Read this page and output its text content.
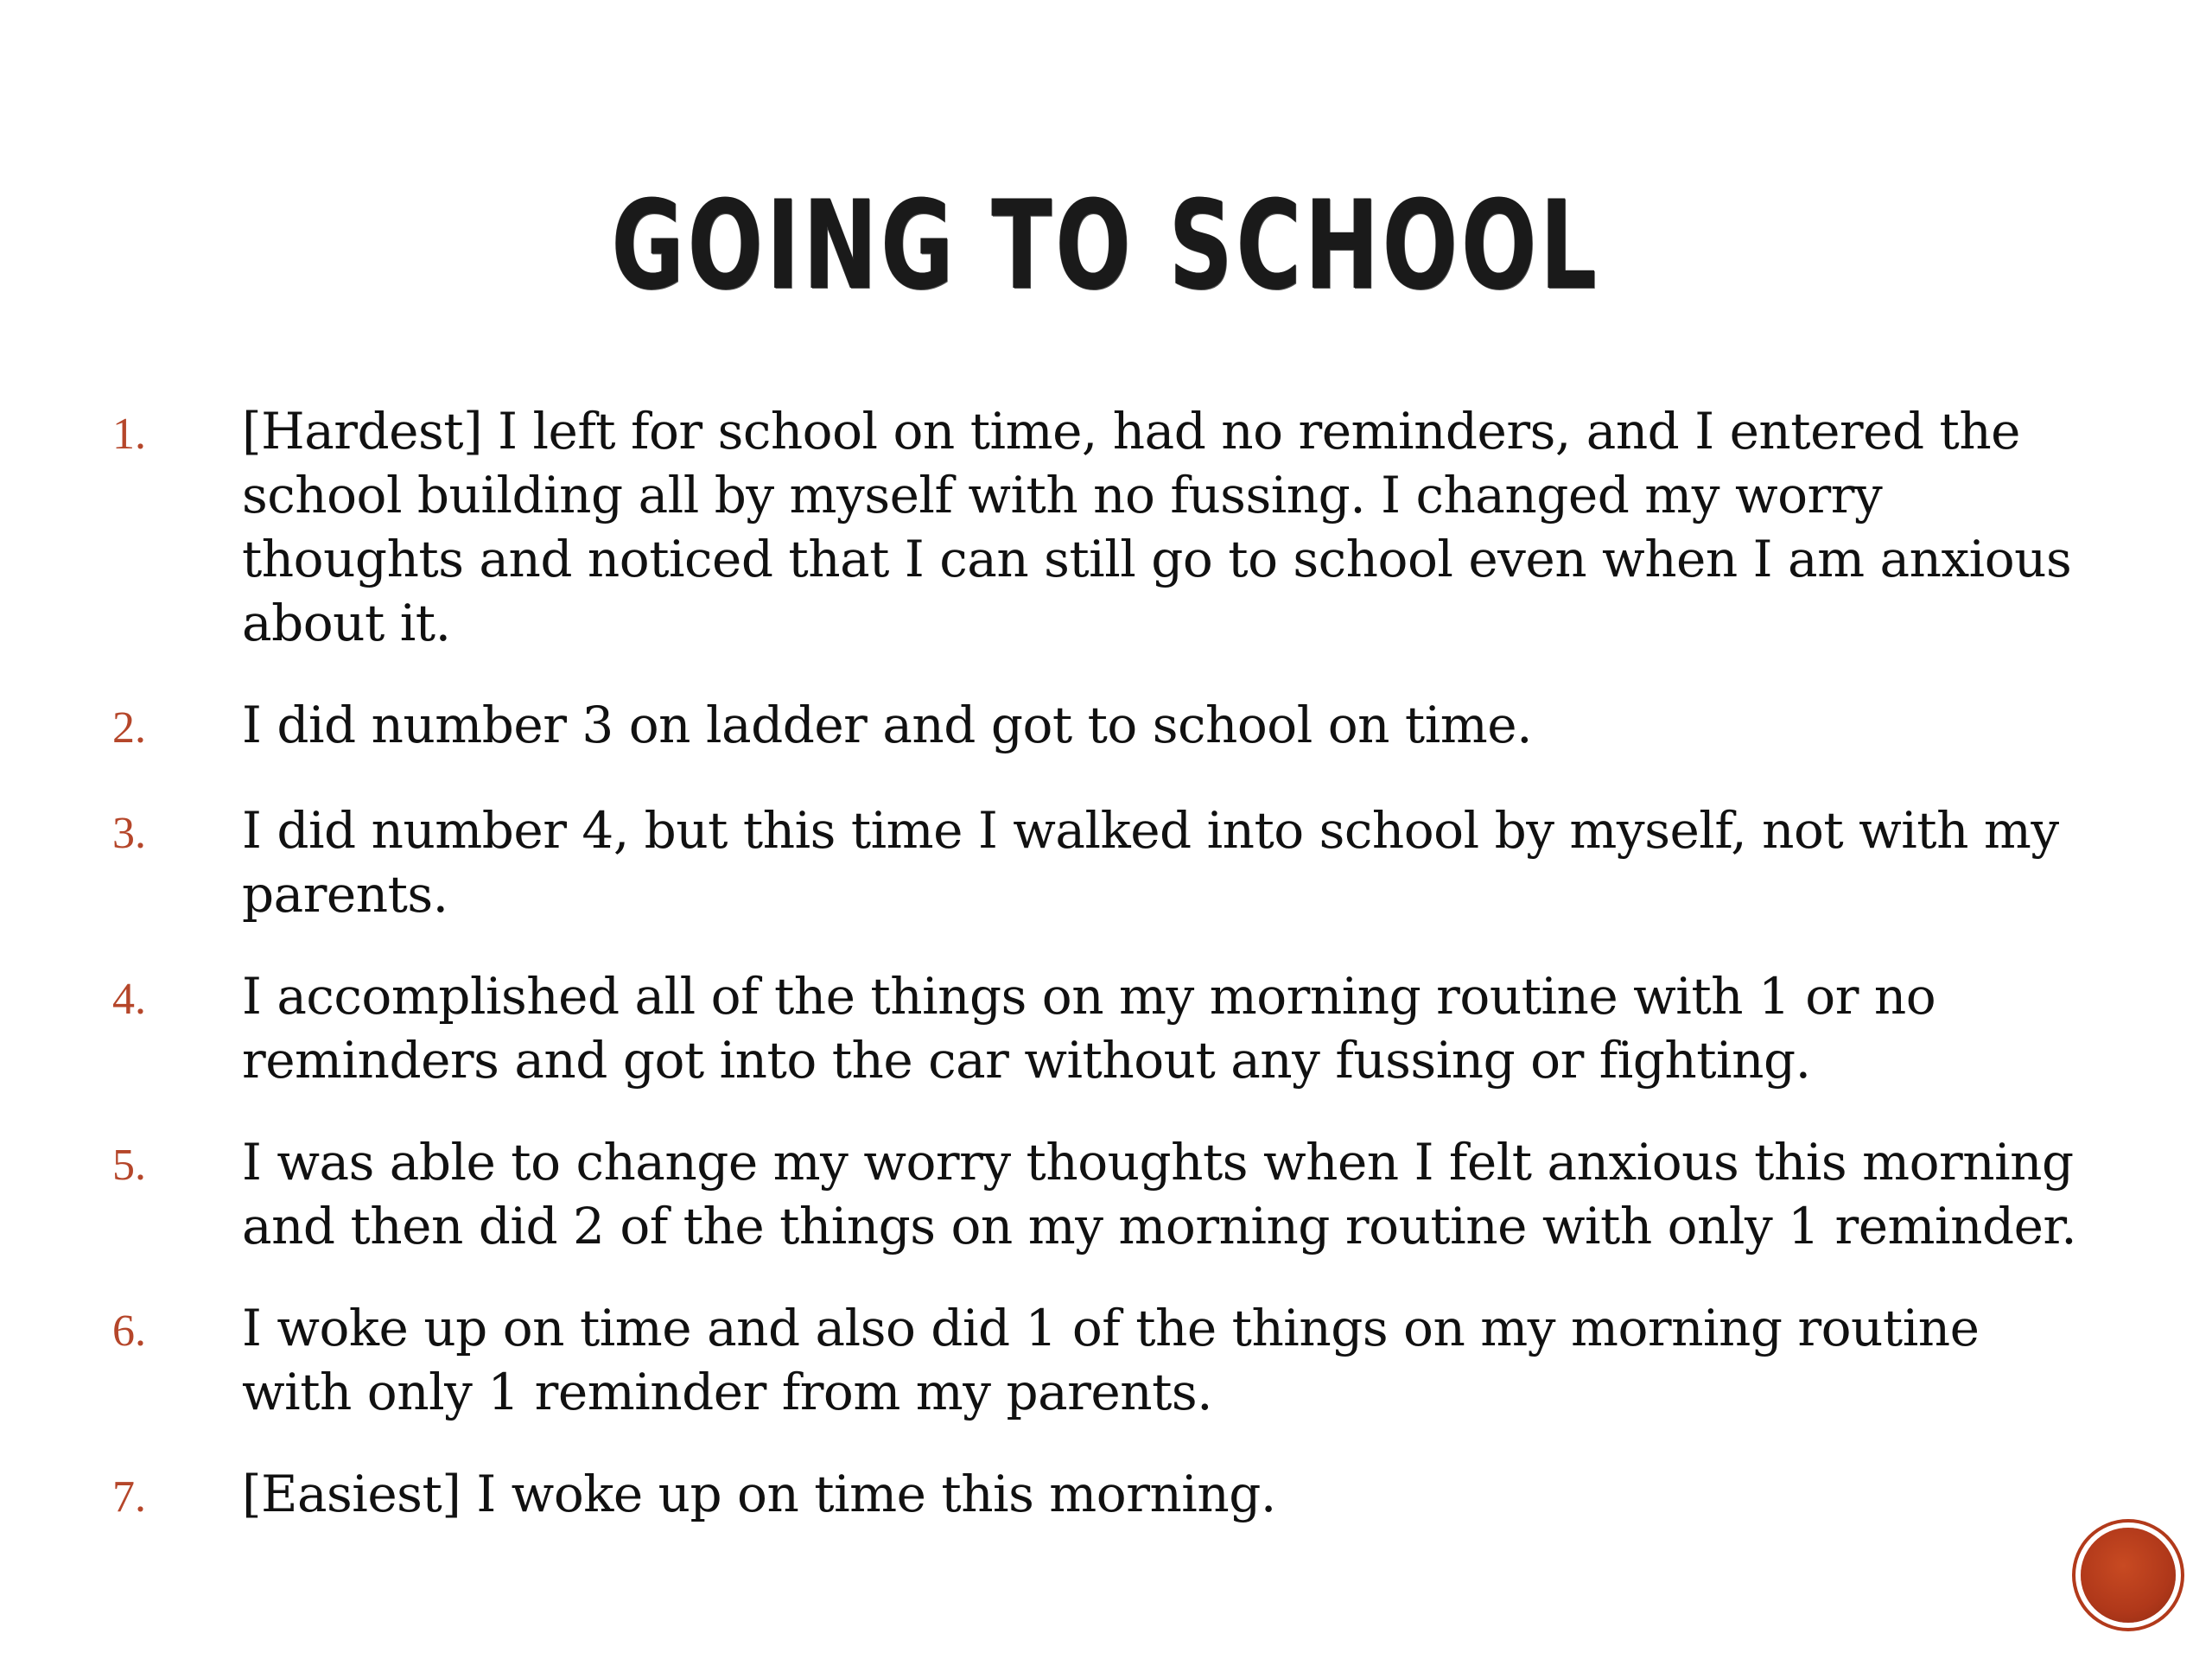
GOING TO SCHOOL
1.	[Hardest] I left for school on time, had no reminders, and I entered the school building all by myself with no fussing. I changed my worry thoughts and noticed that I can still go to school even when I am anxious about it.
2.	I did number 3 on ladder and got to school on time.
3.	I did number 4, but this time I walked into school by myself, not with my parents.
4.	I accomplished all of the things on my morning routine with 1 or no reminders and got into the car without any fussing or fighting.
5.	I was able to change my worry thoughts when I felt anxious this morning and then did 2 of the things on my morning routine with only 1 reminder.
6.	I woke up on time and also did 1 of the things on my morning routine with only 1 reminder from my parents.
7.	[Easiest] I woke up on time this morning.
